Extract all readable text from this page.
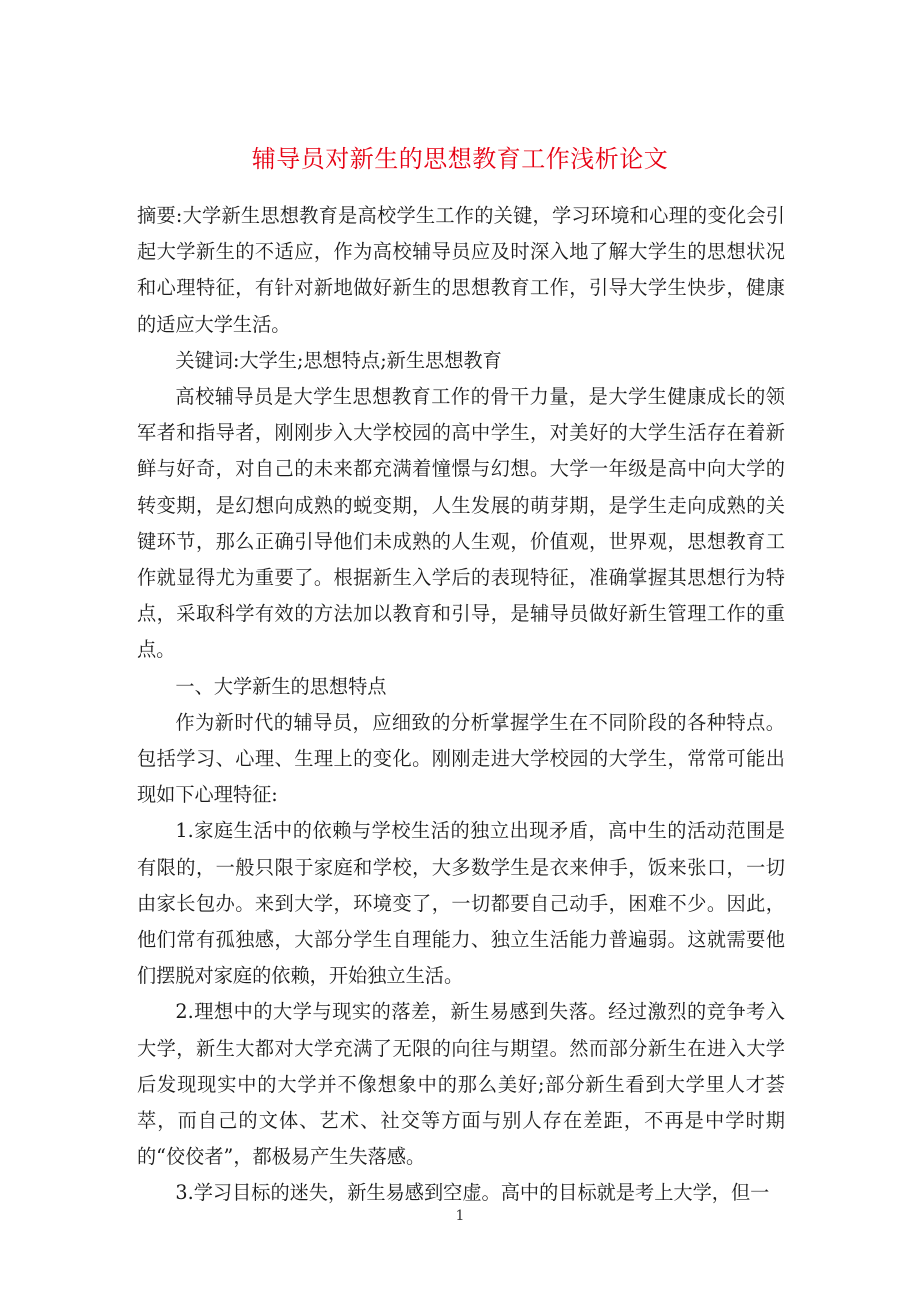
辅导员对新生的思想教育工作浅析论文

摘要:大学新生思想教育是高校学生工作的关键，学习环境和心理的变化会引起大学新生的不适应，作为高校辅导员应及时深入地了解大学生的思想状况和心理特征，有针对新地做好新生的思想教育工作，引导大学生快步，健康的适应大学生活。

关键词:大学生;思想特点;新生思想教育

高校辅导员是大学生思想教育工作的骨干力量，是大学生健康成长的领军者和指导者，刚刚步入大学校园的高中学生，对美好的大学生活存在着新鲜与好奇，对自己的未来都充满着憧憬与幻想。大学一年级是高中向大学的转变期，是幻想向成熟的蜕变期，人生发展的萌芽期，是学生走向成熟的关键环节，那么正确引导他们未成熟的人生观，价值观，世界观，思想教育工作就显得尤为重要了。根据新生入学后的表现特征，准确掌握其思想行为特点，采取科学有效的方法加以教育和引导，是辅导员做好新生管理工作的重点。

一、大学新生的思想特点

作为新时代的辅导员，应细致的分析掌握学生在不同阶段的各种特点。包括学习、心理、生理上的变化。刚刚走进大学校园的大学生，常常可能出现如下心理特征:

1.家庭生活中的依赖与学校生活的独立出现矛盾，高中生的活动范围是有限的，一般只限于家庭和学校，大多数学生是衣来伸手，饭来张口，一切由家长包办。来到大学，环境变了，一切都要自己动手，困难不少。因此，他们常有孤独感，大部分学生自理能力、独立生活能力普遍弱。这就需要他们摆脱对家庭的依赖，开始独立生活。

2.理想中的大学与现实的落差，新生易感到失落。经过激烈的竞争考入大学，新生大都对大学充满了无限的向往与期望。然而部分新生在进入大学后发现现实中的大学并不像想象中的那么美好;部分新生看到大学里人才荟萃，而自己的文体、艺术、社交等方面与别人存在差距，不再是中学时期的“佼佼者”，都极易产生失落感。

3.学习目标的迷失，新生易感到空虚。高中的目标就是考上大学，但一

1
